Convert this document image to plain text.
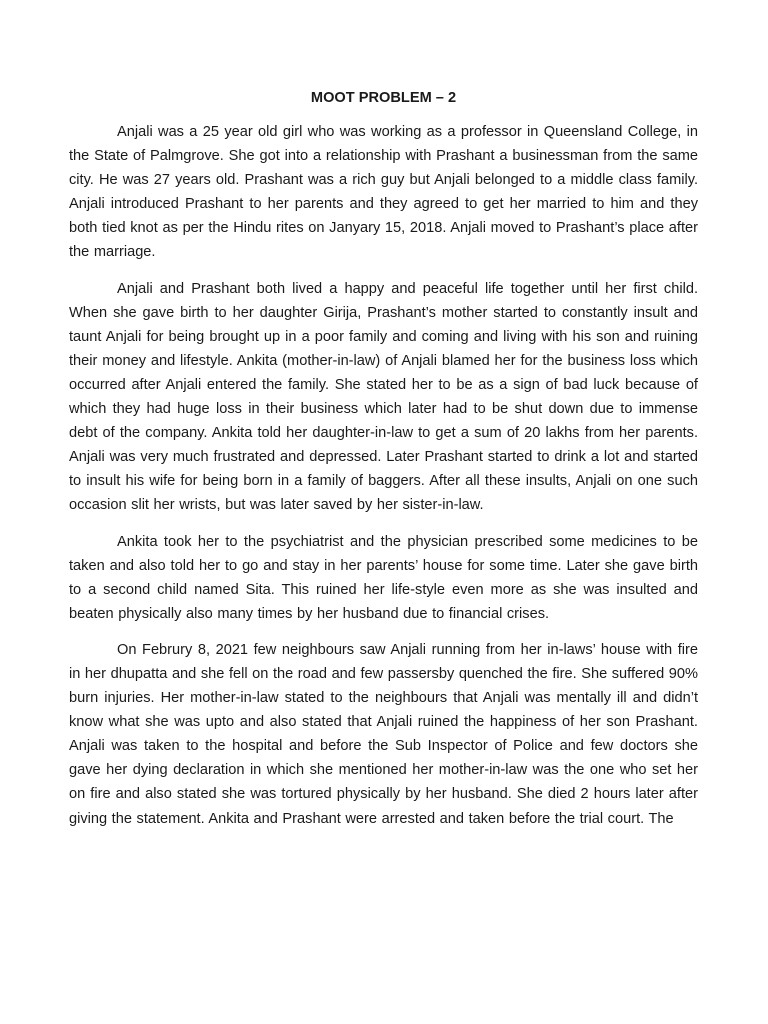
MOOT PROBLEM – 2

Anjali was a 25 year old girl who was working as a professor in Queensland College, in the State of Palmgrove. She got into a relationship with Prashant a businessman from the same city. He was 27 years old. Prashant was a rich guy but Anjali belonged to a middle class family. Anjali introduced Prashant to her parents and they agreed to get her married to him and they both tied knot as per the Hindu rites on Janyary 15, 2018. Anjali moved to Prashant’s place after the marriage.

Anjali and Prashant both lived a happy and peaceful life together until her first child. When she gave birth to her daughter Girija, Prashant’s mother started to constantly insult and taunt Anjali for being brought up in a poor family and coming and living with his son and ruining their money and lifestyle. Ankita (mother-in-law) of Anjali blamed her for the business loss which occurred after Anjali entered the family. She stated her to be as a sign of bad luck because of which they had huge loss in their business which later had to be shut down due to immense debt of the company. Ankita told her daughter-in-law to get a sum of 20 lakhs from her parents. Anjali was very much frustrated and depressed. Later Prashant started to drink a lot and started to insult his wife for being born in a family of baggers. After all these insults, Anjali on one such occasion slit her wrists, but was later saved by her sister-in-law.

Ankita took her to the psychiatrist and the physician prescribed some medicines to be taken and also told her to go and stay in her parents’ house for some time. Later she gave birth to a second child named Sita. This ruined her life-style even more as she was insulted and beaten physically also many times by her husband due to financial crises.

On Februry 8, 2021 few neighbours saw Anjali running from her in-laws’ house with fire in her dhupatta and she fell on the road and few passersby quenched the fire. She suffered 90% burn injuries. Her mother-in-law stated to the neighbours that Anjali was mentally ill and didn’t know what she was upto and also stated that Anjali ruined the happiness of her son Prashant. Anjali was taken to the hospital and before the Sub Inspector of Police and few doctors she gave her dying declaration in which she mentioned her mother-in-law was the one who set her on fire and also stated she was tortured physically by her husband. She died 2 hours later after giving the statement. Ankita and Prashant were arrested and taken before the trial court. The
